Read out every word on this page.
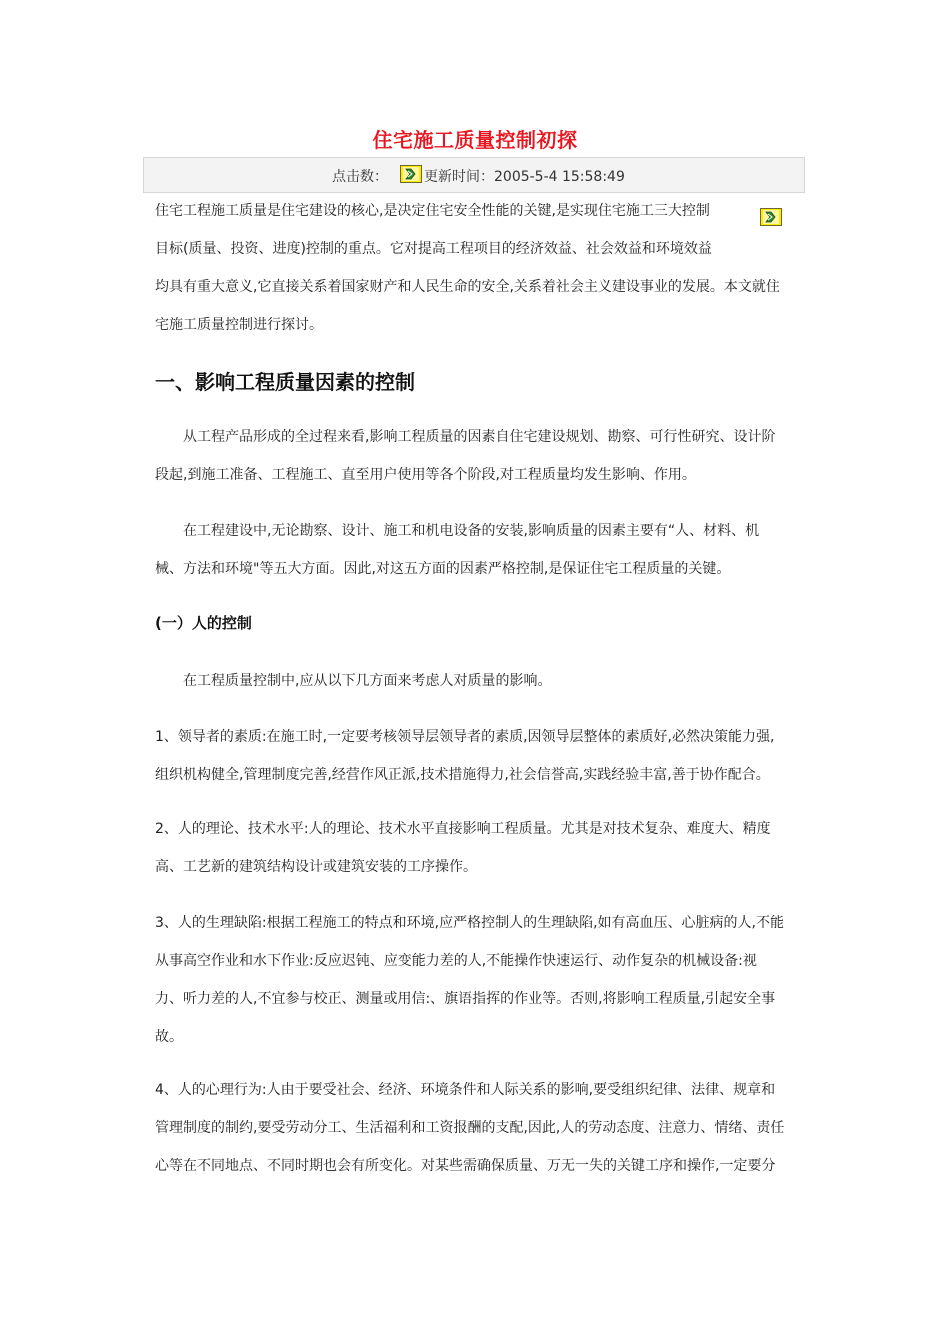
住宅施工质量控制初探
点击数：	更新时间：2005-5-4 15:58:49
住宅工程施工质量是住宅建设的核心,是决定住宅安全性能的关键,是实现住宅施工三大控制
目标(质量、投资、进度)控制的重点。它对提高工程项目的经济效益、社会效益和环境效益
均具有重大意义,它直接关系着国家财产和人民生命的安全,关系着社会主义建设事业的发展。本文就住
宅施工质量控制进行探讨。
一、影响工程质量因素的控制
　　从工程产品形成的全过程来看,影响工程质量的因素自住宅建设规划、勘察、可行性研究、设计阶
段起,到施工准备、工程施工、直至用户使用等各个阶段,对工程质量均发生影响、作用。
　　在工程建设中,无论勘察、设计、施工和机电设备的安装,影响质量的因素主要有“人、材料、机
械、方法和环境"等五大方面。因此,对这五方面的因素严格控制,是保证住宅工程质量的关键。
(一）人的控制
　　在工程质量控制中,应从以下几方面来考虑人对质量的影响。
1、领导者的素质:在施工时,一定要考核领导层领导者的素质,因领导层整体的素质好,必然决策能力强,
组织机构健全,管理制度完善,经营作风正派,技术措施得力,社会信誉高,实践经验丰富,善于协作配合。
2、人的理论、技术水平:人的理论、技术水平直接影响工程质量。尤其是对技术复杂、难度大、精度
高、工艺新的建筑结构设计或建筑安装的工序操作。
3、人的生理缺陷:根据工程施工的特点和环境,应严格控制人的生理缺陷,如有高血压、心脏病的人,不能
从事高空作业和水下作业:反应迟钝、应变能力差的人,不能操作快速运行、动作复杂的机械设备:视
力、听力差的人,不宜参与校正、测量或用信:、旗语指挥的作业等。否则,将影响工程质量,引起安全事
故。
4、人的心理行为:人由于要受社会、经济、环境条件和人际关系的影响,要受组织纪律、法律、规章和
管理制度的制约,要受劳动分工、生活福利和工资报酬的支配,因此,人的劳动态度、注意力、情绪、责任
心等在不同地点、不同时期也会有所变化。对某些需确保质量、万无一失的关键工序和操作,一定要分
